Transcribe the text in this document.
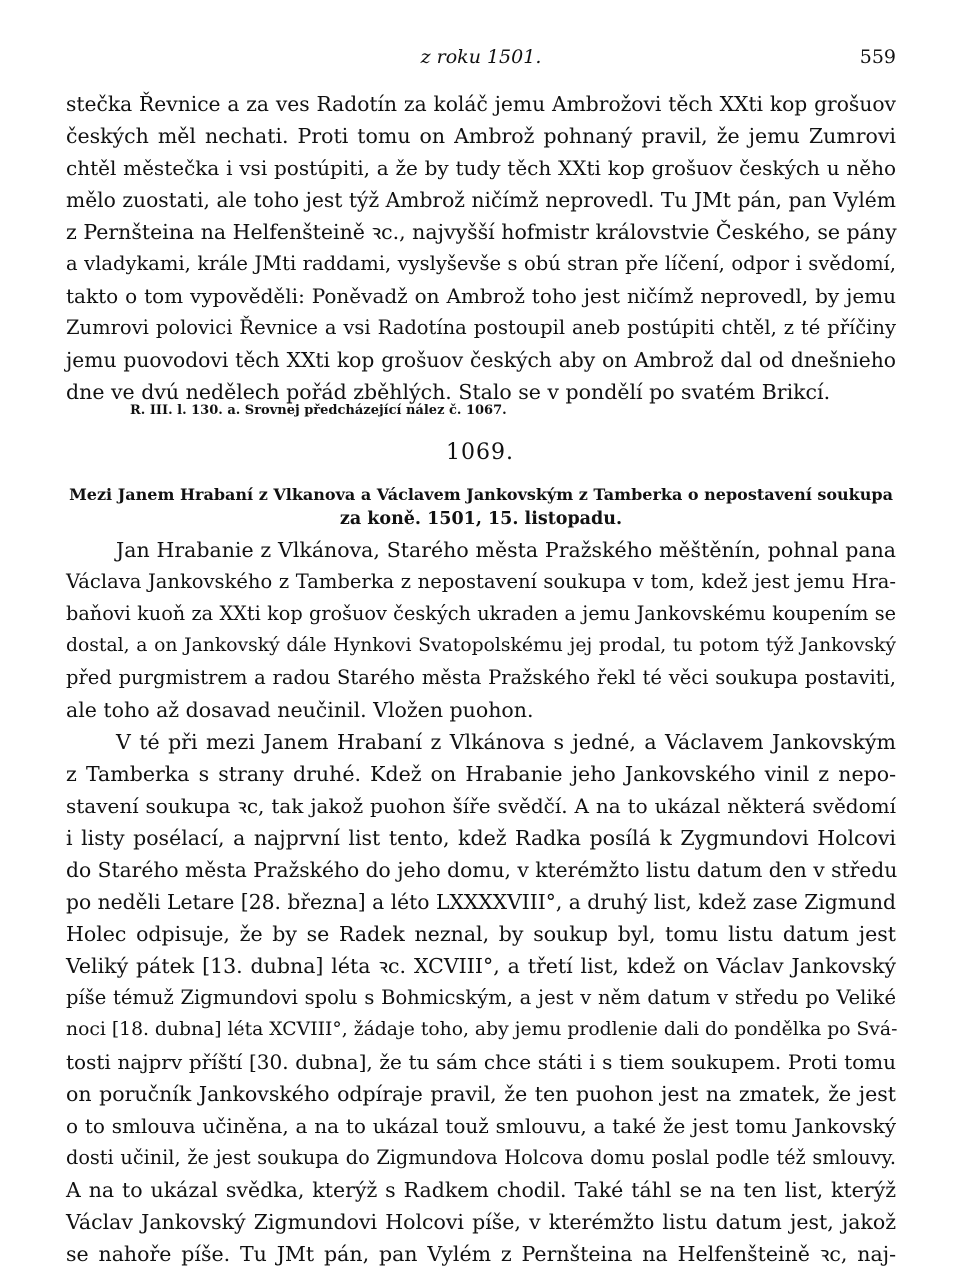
z roku 1501.	559
stečka Řevnice a za ves Radotín za koláč jemu Ambrožovi těch XXti kop grošuov
českých měl nechati. Proti tomu on Ambrož pohnaný pravil, že jemu Zumrovi
chtěl městečka i vsi postúpiti, a že by tudy těch XXti kop grošuov českých u něho
mělo zuostati, ale toho jest týž Ambrož ničímž neprovedl. Tu JMt pán, pan Vylém
z Pernšteina na Helfenšteině ꝛc., najvyšší hofmistr královstvie Českého, se pány
a vladykami, krále JMti raddami, vyslyševše s obú stran pře líčení, odpor i svědomí,
takto o tom vypověděli: Poněvadž on Ambrož toho jest ničímž neprovedl, by jemu
Zumrovi polovici Řevnice a vsi Radotína postoupil aneb postúpiti chtěl, z té příčiny
jemu puovodovi těch XXti kop grošuov českých aby on Ambrož dal od dnešnieho
dne ve dvú nedělech pořád zběhlých. Stalo se v pondělí po svatém Brikcí.
R. III. l. 130. a. Srovnej předcházející nález č. 1067.
1069.
Mezi Janem Hrabaní z Vlkanova a Václavem Jankovským z Tamberka o nepostavení soukupa
za koně. 1501, 15. listopadu.
Jan Hrabanie z Vlkánova, Starého města Pražského měštěnín, pohnal pana
Václava Jankovského z Tamberka z nepostavení soukupa v tom, kdež jest jemu Hra-
baňovi kuoň za XXti kop grošuov českých ukraden a jemu Jankovskému koupením se
dostal, a on Jankovský dále Hynkovi Svatopolskému jej prodal, tu potom týž Jankovský
před purgmistrem a radou Starého města Pražského řekl té věci soukupa postaviti,
ale toho až dosavad neučinil. Vložen puohon.
V té při mezi Janem Hrabaní z Vlkánova s jedné, a Václavem Jankovským
z Tamberka s strany druhé. Kdež on Hrabanie jeho Jankovského vinil z nepo-
stavení soukupa ꝛc, tak jakož puohon šíře svědčí. A na to ukázal některá svědomí
i listy posélací, a najprvní list tento, kdež Radka posílá k Zygmundovi Holcovi
do Starého města Pražského do jeho domu, v kterémžto listu datum den v středu
po neděli Letare [28. března] a léto LXXXXVIII°, a druhý list, kdež zase Zigmund
Holec odpisuje, že by se Radek neznal, by soukup byl, tomu listu datum jest
Veliký pátek [13. dubna] léta ꝛc. XCVIII°, a třetí list, kdež on Václav Jankovský
píše témuž Zigmundovi spolu s Bohmicským, a jest v něm datum v středu po Veliké
noci [18. dubna] léta XCVIII°, žádaje toho, aby jemu prodlenie dali do pondělka po Svá-
tosti najprv příští [30. dubna], že tu sám chce státi i s tiem soukupem. Proti tomu
on poručník Jankovského odpíraje pravil, že ten puohon jest na zmatek, že jest
o to smlouva učiněna, a na to ukázal touž smlouvu, a také že jest tomu Jankovský
dosti učinil, že jest soukupa do Zigmundova Holcova domu poslal podle též smlouvy.
A na to ukázal svědka, kterýž s Radkem chodil. Také táhl se na ten list, kterýž
Václav Jankovský Zigmundovi Holcovi píše, v kterémžto listu datum jest, jakož
se nahoře píše. Tu JMt pán, pan Vylém z Pernšteina na Helfenšteině ꝛc, naj-
